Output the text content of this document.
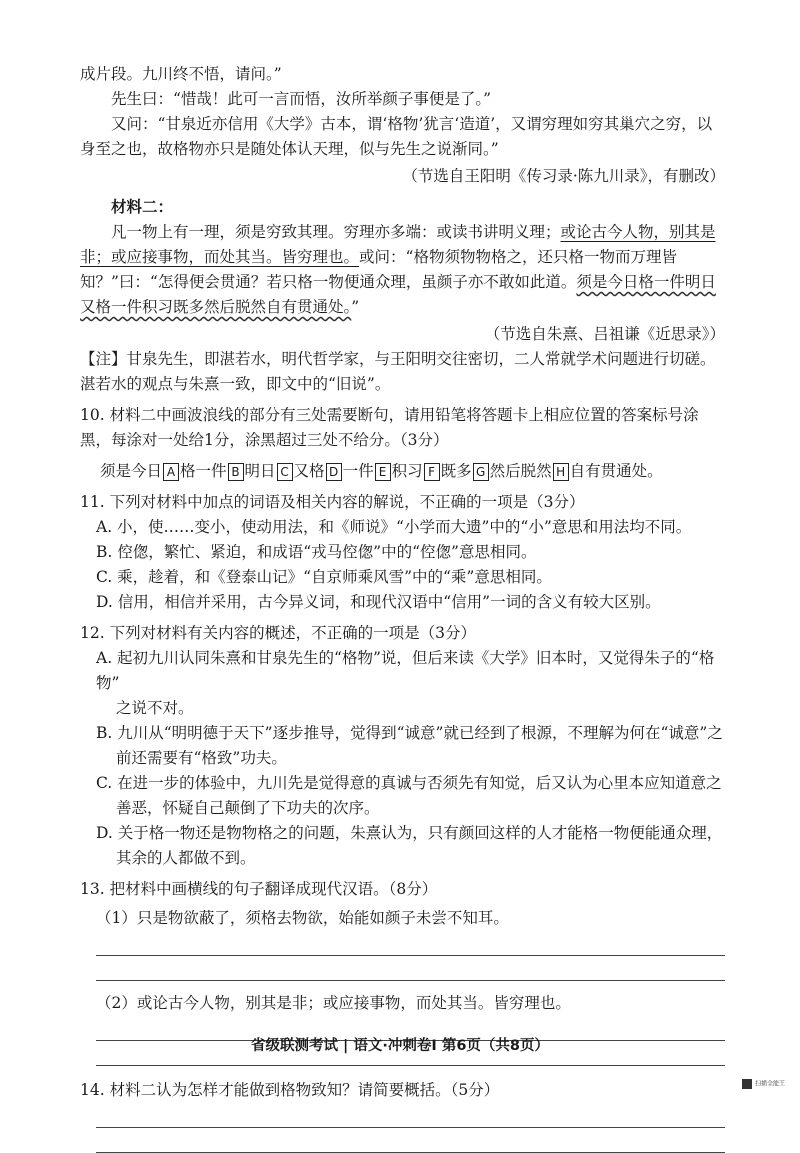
成片段。九川终不悟，请问。”

先生曰：“惜哉！此可一言而悟，汝所举颜子事便是了。”

又问：“甘泉近亦信用《大学》古本，谓‘格物’犹言‘造道’，又谓穷理如穷其巢穴之穷，以身至之也，故格物亦只是随处体认天理，似与先生之说渐同。”

（节选自王阳明《传习录·陈九川录》，有删改）

材料二：

凡一物上有一理，须是穷致其理。穷理亦多端：或读书讲明义理；或论古今人物，别其是非；或应接事物，而处其当。皆穷理也。或问：“格物须物物格之，还只格一物而万理皆知？”曰：“怎得便会贯通？若只格一物便通众理，虽颜子亦不敢如此道。须是今日格一件明日又格一件积习既多然后脱然自有贯通处。”

（节选自朱熹、吕祖谦《近思录》）

【注】甘泉先生，即湛若水，明代哲学家，与王阳明交往密切，二人常就学术问题进行切磋。湛若水的观点与朱熹一致，即文中的“旧说”。

10. 材料二中画波浪线的部分有三处需要断句，请用铅笔将答题卡上相应位置的答案标号涂黑，每涂对一处给1分，涂黑超过三处不给分。（3分）

须是今日 A 格一件 B 明日 C 又格 D 一件 E 积习 F 既多 G 然后脱然 H 自有贯通处。

11. 下列对材料中加点的词语及相关内容的解说，不正确的一项是（3分）

A. 小，使……变小，使动用法，和《师说》“小学而大遗”中的“小”意思和用法均不同。

B. 倥偬，繁忙、紧迫，和成语“戎马倥偬”中的“倥偬”意思相同。

C. 乘，趁着，和《登泰山记》“自京师乘风雪”中的“乘”意思相同。

D. 信用，相信并采用，古今异义词，和现代汉语中“信用”一词的含义有较大区别。

12. 下列对材料有关内容的概述，不正确的一项是（3分）

A. 起初九川认同朱熹和甘泉先生的“格物”说，但后来读《大学》旧本时，又觉得朱子的“格物”

之说不对。

B. 九川从“明明德于天下”逐步推导，觉得到“诚意”就已经到了根源，不理解为何在“诚意”之

前还需要有“格致”功夫。

C. 在进一步的体验中，九川先是觉得意的真诚与否须先有知觉，后又认为心里本应知道意之

善恶，怀疑自己颠倒了下功夫的次序。

D. 关于格一物还是物物格之的问题，朱熹认为，只有颜回这样的人才能格一物便能通众理，

其余的人都做不到。

13. 把材料中画横线的句子翻译成现代汉语。（8分）

（1）只是物欲蔽了，须格去物欲，始能如颜子未尝不知耳。

（2）或论古今人物，别其是非；或应接事物，而处其当。皆穷理也。

14. 材料二认为怎样才能做到格物致知？请简要概括。（5分）

省级联测考试 | 语文·冲刺卷Ⅰ 第6页（共8页）
扫描全能王
